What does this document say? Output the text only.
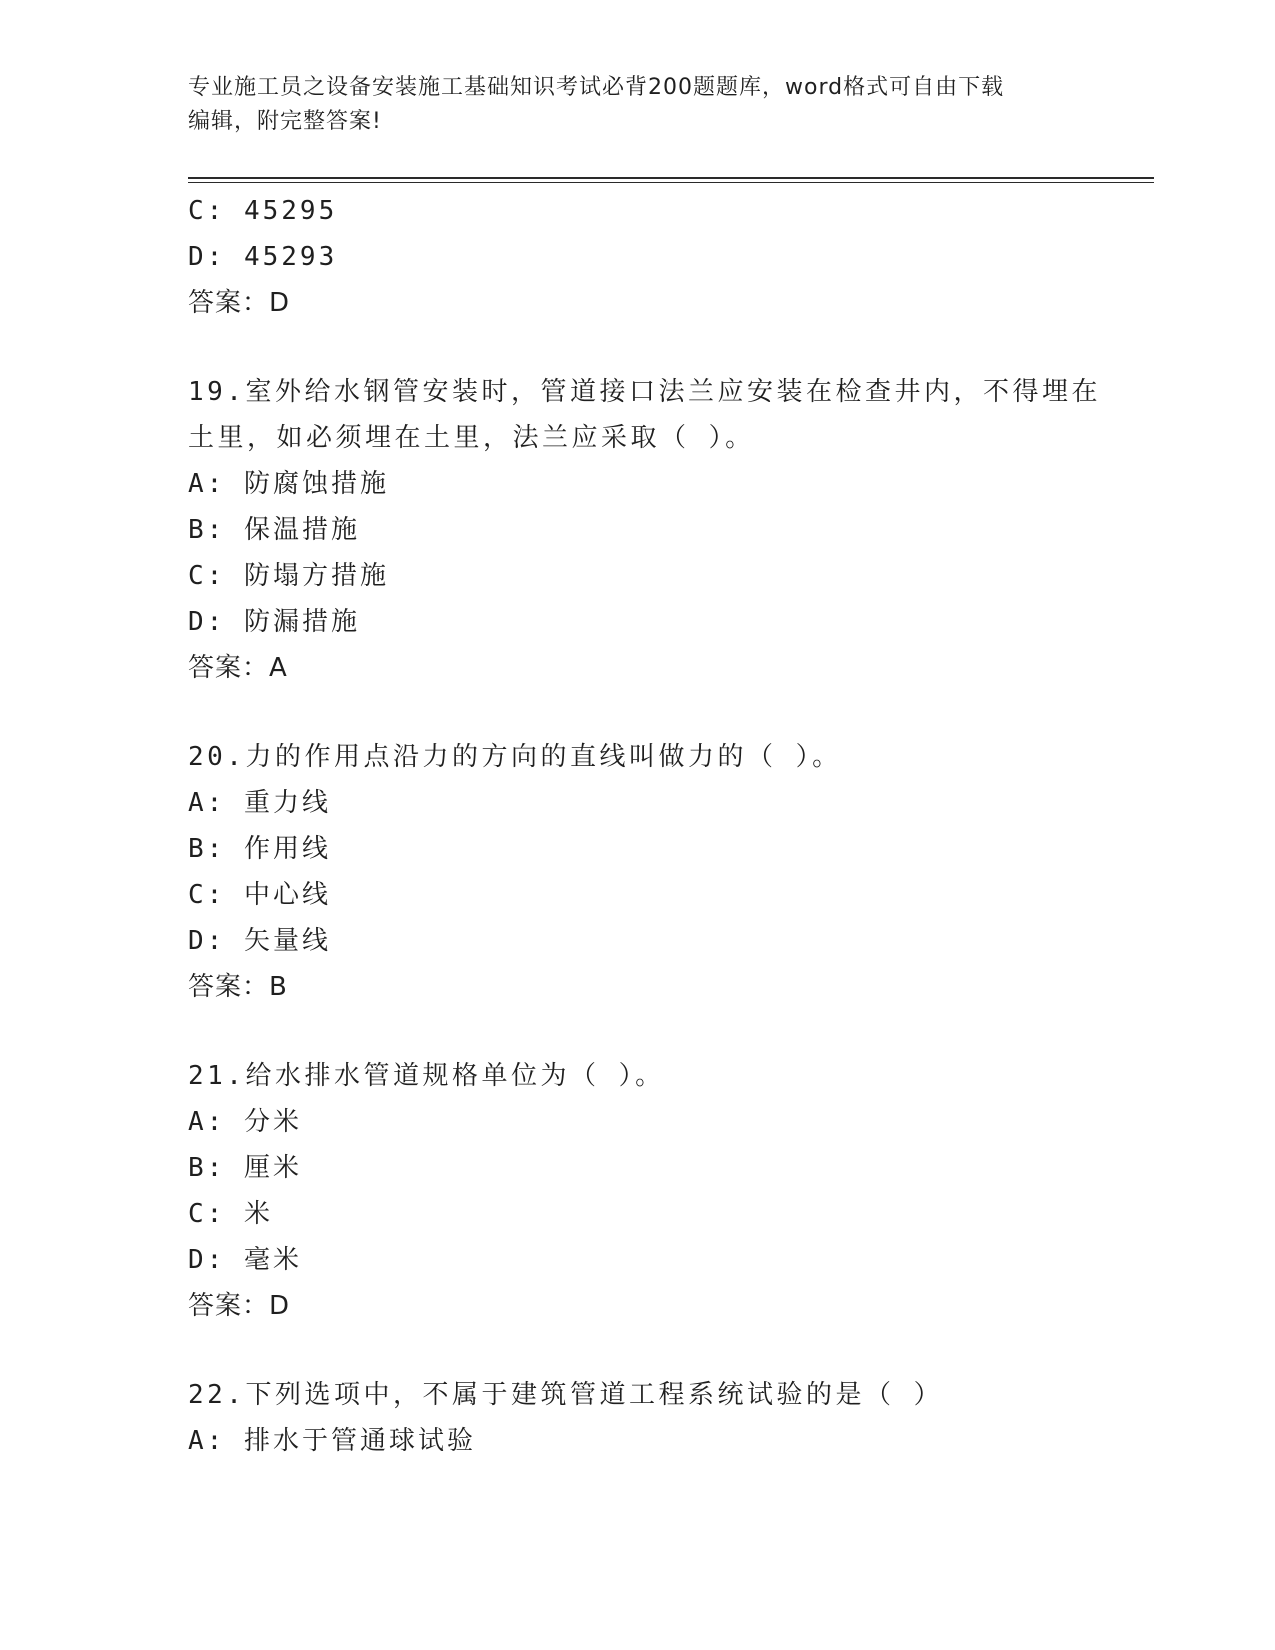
专业施工员之设备安装施工基础知识考试必背200题题库，word格式可自由下载
编辑，附完整答案!
C: 45295
D: 45293
答案：D
19.室外给水钢管安装时，管道接口法兰应安装在检查井内，不得埋在
土里，如必须埋在土里，法兰应采取（ ）。
A: 防腐蚀措施
B: 保温措施
C: 防塌方措施
D: 防漏措施
答案：A
20.力的作用点沿力的方向的直线叫做力的（ ）。
A: 重力线
B: 作用线
C: 中心线
D: 矢量线
答案：B
21.给水排水管道规格单位为（ ）。
A: 分米
B: 厘米
C: 米
D: 毫米
答案：D
22.下列选项中，不属于建筑管道工程系统试验的是（ ）
A: 排水于管通球试验
